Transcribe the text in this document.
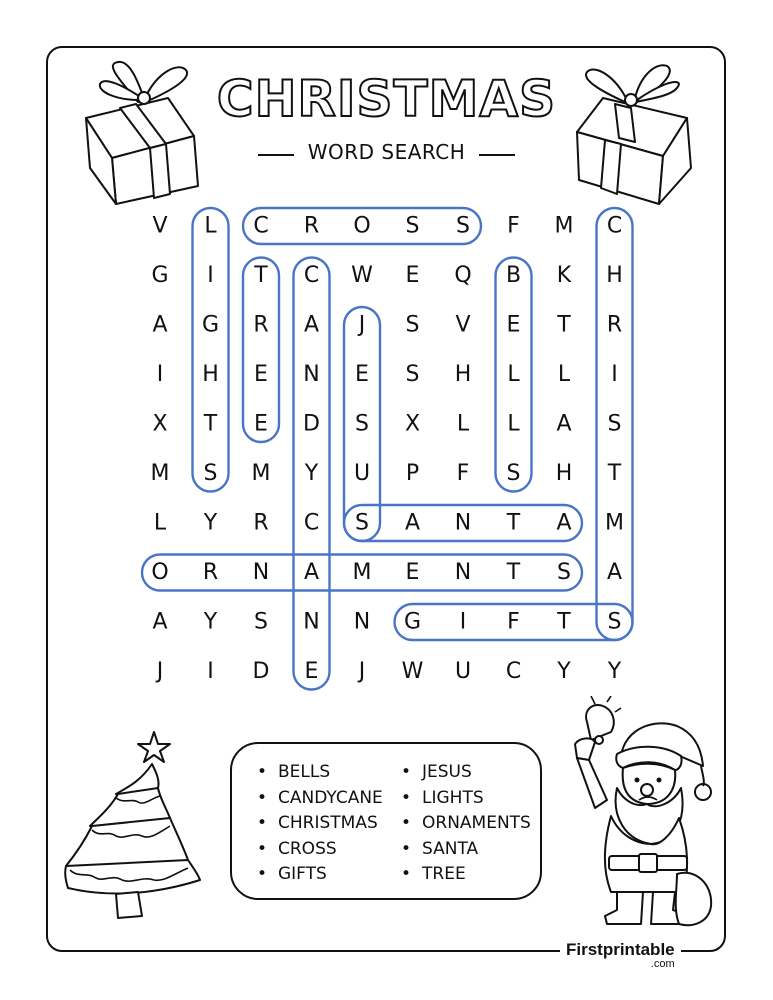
CHRISTMAS
WORD SEARCH
V L C R O S S F M C
G I T C W E Q B K H
A G R A J S V E T R
I H E N E S H L L I
X T E D S X L L A S
M S M Y U P F S H T
L Y R C S A N T A M
O R N A M E N T S A
A Y S N N G I F T S
J I D E J W U C Y Y
• BELLS
• CANDYCANE
• CHRISTMAS
• CROSS
• GIFTS
• JESUS
• LIGHTS
• ORNAMENTS
• SANTA
• TREE
Firstprintable
.com
